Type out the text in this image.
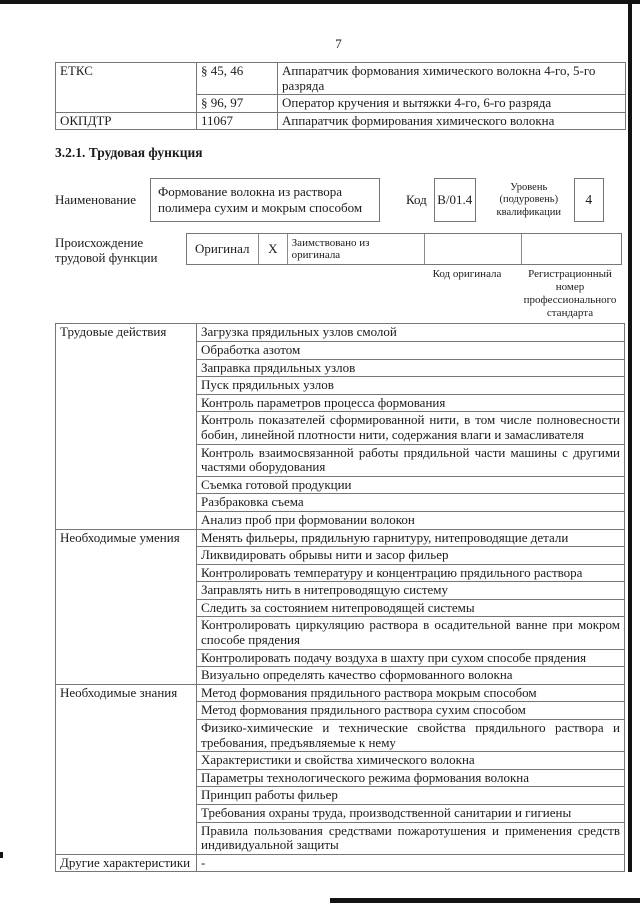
7
ЕТКС	§ 45, 46	Аппаратчик формования химического волокна 4-го, 5-го разряда
	§ 96, 97	Оператор кручения и вытяжки 4-го, 6-го разряда
ОКПДТР	11067	Аппаратчик формирования химического волокна
3.2.1. Трудовая функция
Наименование
Формование волокна из раствора полимера сухим и мокрым способом
Код В/01.4
Уровень (подуровень) квалификации
4
Происхождение трудовой функции
Оригинал	X	Заимствовано из оригинала
Код оригинала	Регистрационный номер профессионального стандарта
Трудовые действия	Загрузка прядильных узлов смолой
	Обработка азотом
	Заправка прядильных узлов
	Пуск прядильных узлов
	Контроль параметров процесса формования
	Контроль показателей сформированной нити, в том числе полновесности бобин, линейной плотности нити, содержания влаги и замасливателя
	Контроль взаимосвязанной работы прядильной части машины с другими частями оборудования
	Съемка готовой продукции
	Разбраковка съема
	Анализ проб при формовании волокон
Необходимые умения	Менять фильеры, прядильную гарнитуру, нитепроводящие детали
	Ликвидировать обрывы нити и засор фильер
	Контролировать температуру и концентрацию прядильного раствора
	Заправлять нить в нитепроводящую систему
	Следить за состоянием нитепроводящей системы
	Контролировать циркуляцию раствора в осадительной ванне при мокром способе прядения
	Контролировать подачу воздуха в шахту при сухом способе прядения
	Визуально определять качество сформованного волокна
Необходимые знания	Метод формования прядильного раствора мокрым способом
	Метод формования прядильного раствора сухим способом
	Физико-химические и технические свойства прядильного раствора и требования, предъявляемые к нему
	Характеристики и свойства химического волокна
	Параметры технологического режима формования волокна
	Принцип работы фильер
	Требования охраны труда, производственной санитарии и гигиены
	Правила пользования средствами пожаротушения и применения средств индивидуальной защиты
Другие характеристики	-
